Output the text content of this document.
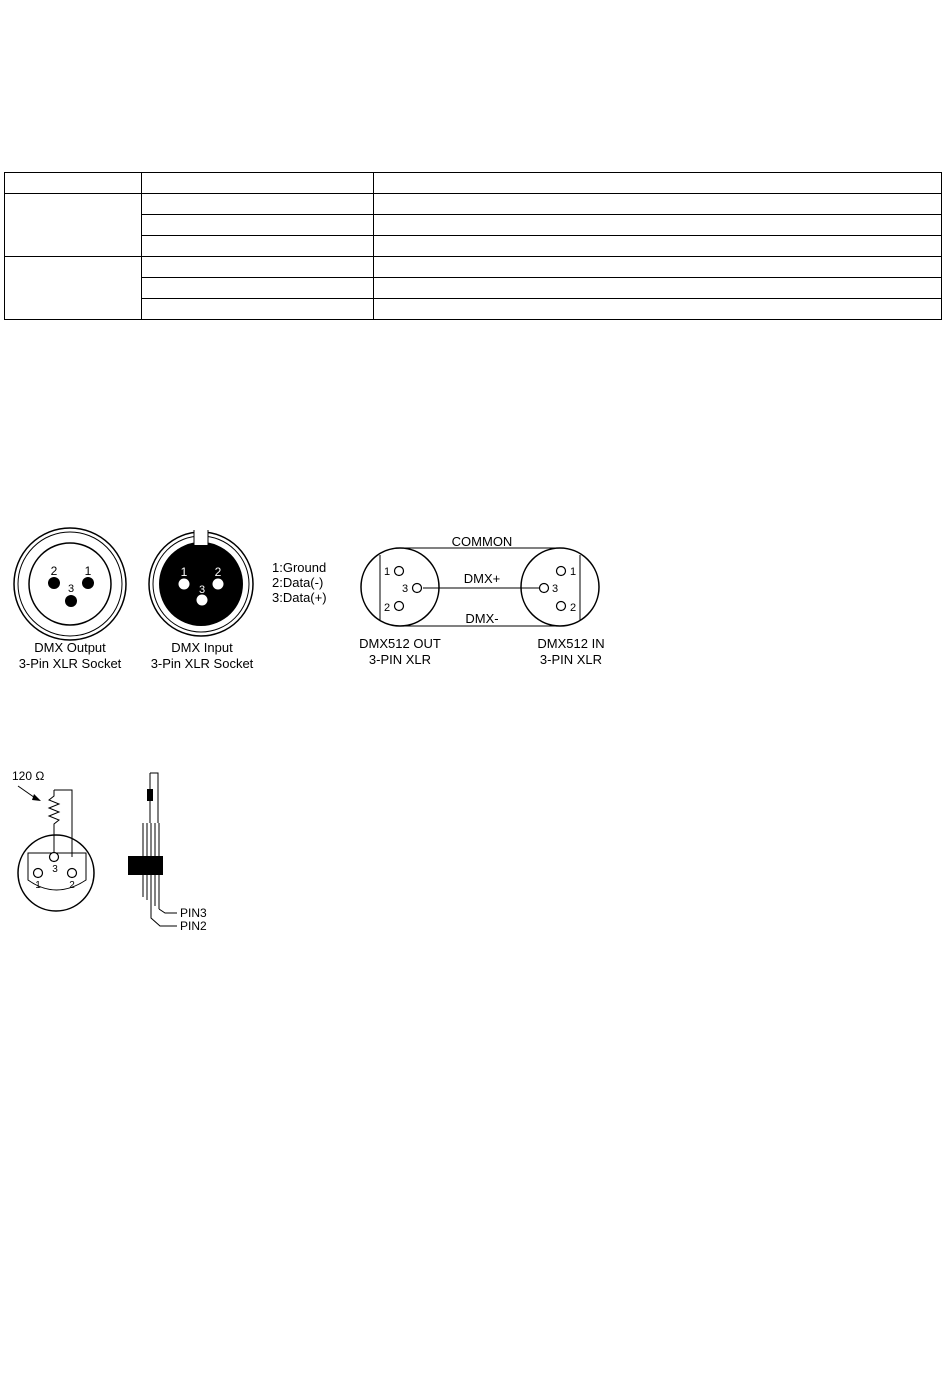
1
2
3
DMX Output
3-Pin XLR Socket
1 2
3
DMX Input
3-Pin XLR Socket
1:Ground
2:Data(-)
3:Data(+)
COMMON
DMX+
DMX-
1
2
3
1
2
3
DMX512 OUT
3-PIN XLR
DMX512 IN
3-PIN XLR
120 Ω
1	2
3
PIN3
PIN2
